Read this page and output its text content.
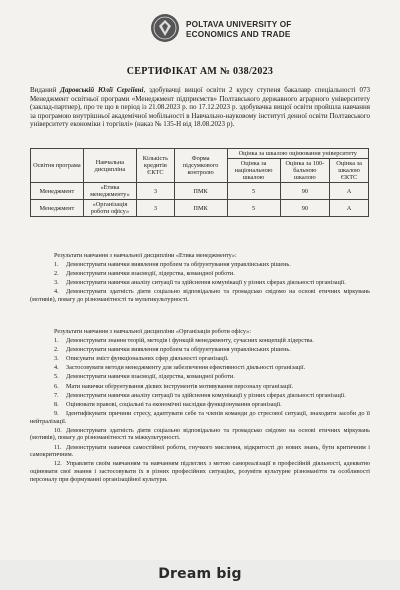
POLTAVA UNIVERSITY OF
ECONOMICS AND TRADE
СЕРТИФІКАТ АМ № 038/2023
Виданий Даровській Юлії Сергіївні, здобувачці вищої освіти 2 курсу ступеня бакалавр спеціальності 073 Менеджмент освітньої програми «Менеджмент підприємств» Полтавського державного аграрного університету (заклад-партнер), про те що в період із 21.08.2023 р. по 17.12.2023 р. здобувачка вищої освіти пройшла навчання за програмою внутрішньої академічної мобільності в Навчально-науковому інституті денної освіти Полтавського університету економіки і торгівлі» (наказ № 135-Н від 18.08.2023 р).
Освітня програма	Навчальна дисципліна	Кількість кредитів ЄКТС	Форма підсумкового контролю	Оцінка за шкалою оцінювання університету		
				Оцінка за національною шкалою	Оцінка за 100-бальною шкалою	Оцінка за шкалою ЄКТС
Менеджмент	«Етика менеджменту»	3	ПМК	5	90	A
Менеджмент	«Організація роботи офісу»	3	ПМК	5	90	A

Результати навчання з навчальної дисципліни «Етика менеджменту»:

1. Демонструвати навички виявлення проблем та обґрунтування управлінських рішень.
2. Демонструвати навички взаємодії, лідерства, командної роботи.
3. Демонструвати навички аналізу ситуації та здійснення комунікації у різних сферах діяльності організації.
4. Демонструвати здатність діяти соціально відповідально та громадсько свідомо на основі етичних міркувань (мотивів), повагу до різноманітності та мультикультурності.

Результати навчання з навчальної дисципліни «Організація роботи офісу»:

1. Демонструвати знання теорій, методів і функцій менеджменту, сучасних концепцій лідерства.
2. Демонструвати навички виявлення проблем та обґрунтування управлінських рішень.
3. Описувати зміст функціональних сфер діяльності організації.
4. Застосовувати методи менеджменту для забезпечення ефективності діяльності організації.
5. Демонструвати навички взаємодії, лідерства, командної роботи.
6. Мати навички обґрунтування дієвих інструментів мотивування персоналу організації.
7. Демонструвати навички аналізу ситуації та здійснення комунікації у різних сферах діяльності організації.
8. Оцінювати правові, соціальні та економічні наслідки функціонування організації.
9. Ідентифікувати причини стресу, адаптувати себе та членів команди до стресової ситуації, знаходити засоби до її нейтралізації.
10. Демонструвати здатність діяти соціально відповідально та громадсько свідомо на основі етичних міркувань (мотивів), повагу до різноманітності та міжкультурності.
11. Демонструвати навички самостійної роботи, гнучкого мислення, відкритості до нових знань, бути критичним і самокритичним.
12. Управляти своїм навчанням та навчанням підлеглих з метою самореалізації в професійній діяльності, адекватно оцінювати свої знання і застосовувати їх в різних професійних ситуаціях, розуміти культурне різноманіття та особливості персоналу при формуванні організаційної культури.
Dream big
